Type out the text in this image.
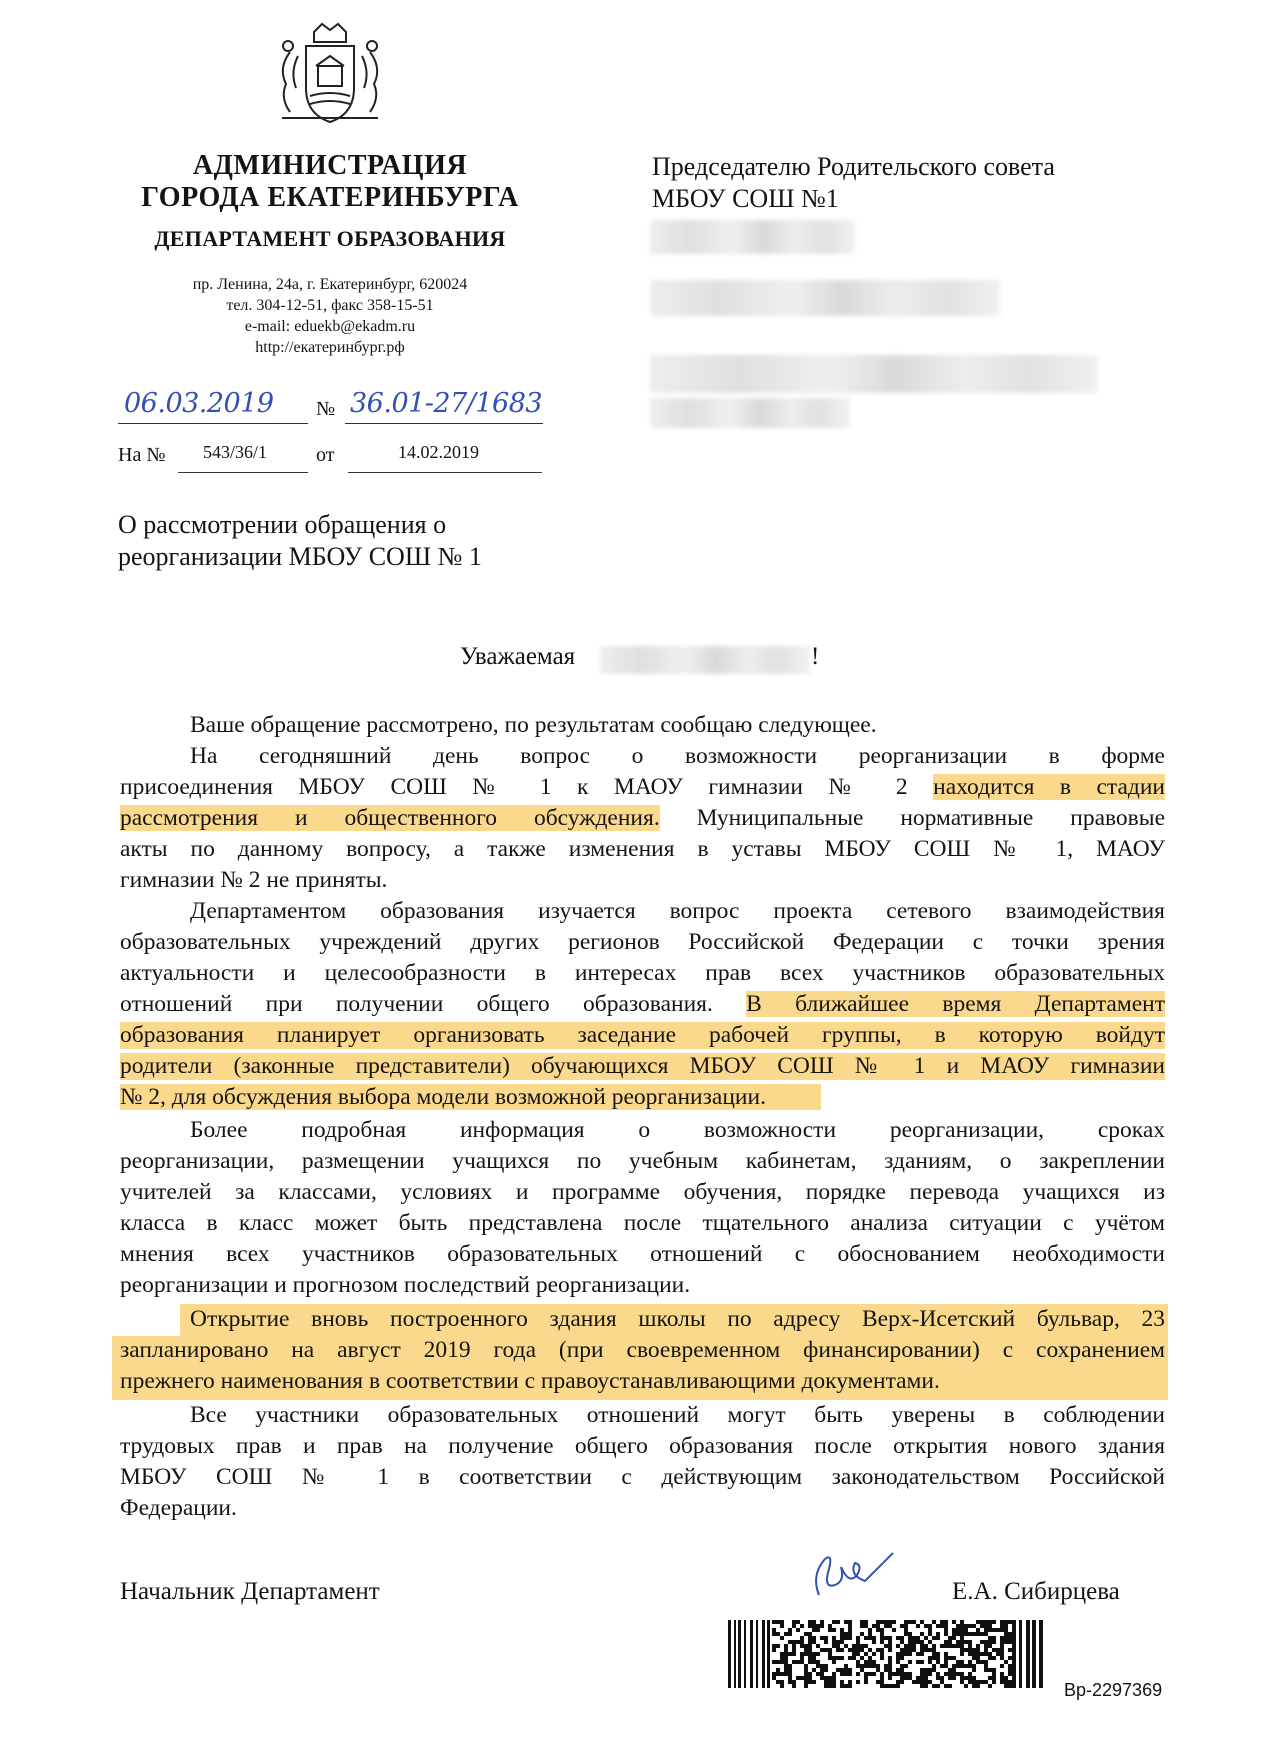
АДМИНИСТРАЦИЯ
ГОРОДА ЕКАТЕРИНБУРГА
ДЕПАРТАМЕНТ ОБРАЗОВАНИЯ
пр. Ленина, 24а, г. Екатеринбург, 620024
тел. 304-12-51, факс 358-15-51
e-mail: eduekb@ekadm.ru
http://екатеринбург.рф
06.03.2019 № 36.01-27/1683
На № 543/36/1 от	14.02.2019
Председателю Родительского совета
МБОУ СОШ №1
О рассмотрении обращения о
реорганизации МБОУ СОШ № 1
Уважаемая	!
Ваше обращение рассмотрено, по результатам сообщаю следующее.
На сегодняшний день вопрос о возможности реорганизации в форме
присоединения МБОУ СОШ № 1 к МАОУ гимназии № 2 находится в стадии
рассмотрения и общественного обсуждения. Муниципальные нормативные правовые
акты по данному вопросу, а также изменения в уставы МБОУ СОШ № 1, МАОУ
гимназии № 2 не приняты.
Департаментом образования изучается вопрос проекта сетевого взаимодействия
образовательных учреждений других регионов Российской Федерации с точки зрения
актуальности и целесообразности в интересах прав всех участников образовательных
отношений при получении общего образования. В ближайшее время Департамент
образования планирует организовать заседание рабочей группы, в которую войдут
родители (законные представители) обучающихся МБОУ СОШ № 1 и МАОУ гимназии
№ 2, для обсуждения выбора модели возможной реорганизации.
Более подробная информация о возможности реорганизации, сроках
реорганизации, размещении учащихся по учебным кабинетам, зданиям, о закреплении
учителей за классами, условиях и программе обучения, порядке перевода учащихся из
класса в класс может быть представлена после тщательного анализа ситуации с учётом
мнения всех участников образовательных отношений с обоснованием необходимости
реорганизации и прогнозом последствий реорганизации.
Открытие вновь построенного здания школы по адресу Верх-Исетский бульвар, 23
запланировано на август 2019 года (при своевременном финансировании) с сохранением
прежнего наименования в соответствии с правоустанавливающими документами.
Все участники образовательных отношений могут быть уверены в соблюдении
трудовых прав и прав на получение общего образования после открытия нового здания
МБОУ СОШ № 1 в соответствии с действующим законодательством Российской
Федерации.
Начальник Департамент	Е.А. Сибирцева
Вр-2297369
